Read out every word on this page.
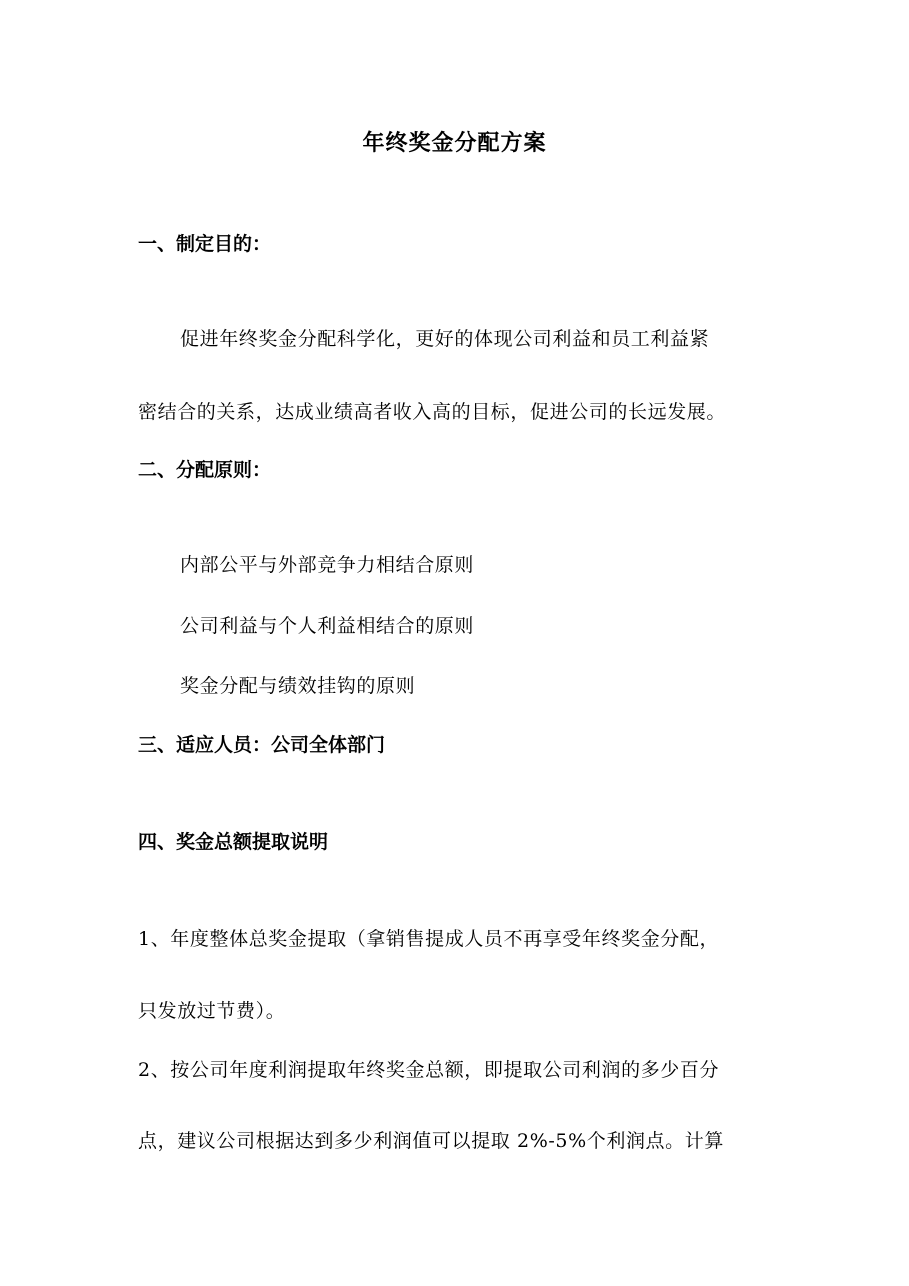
年终奖金分配方案
一、制定目的：
促进年终奖金分配科学化，更好的体现公司利益和员工利益紧
密结合的关系，达成业绩高者收入高的目标，促进公司的长远发展。
二、分配原则：
内部公平与外部竞争力相结合原则
公司利益与个人利益相结合的原则
奖金分配与绩效挂钩的原则
三、适应人员：公司全体部门
四、奖金总额提取说明
1、年度整体总奖金提取（拿销售提成人员不再享受年终奖金分配，
只发放过节费）。
2、按公司年度利润提取年终奖金总额，即提取公司利润的多少百分
点，建议公司根据达到多少利润值可以提取 2%-5%个利润点。计算
